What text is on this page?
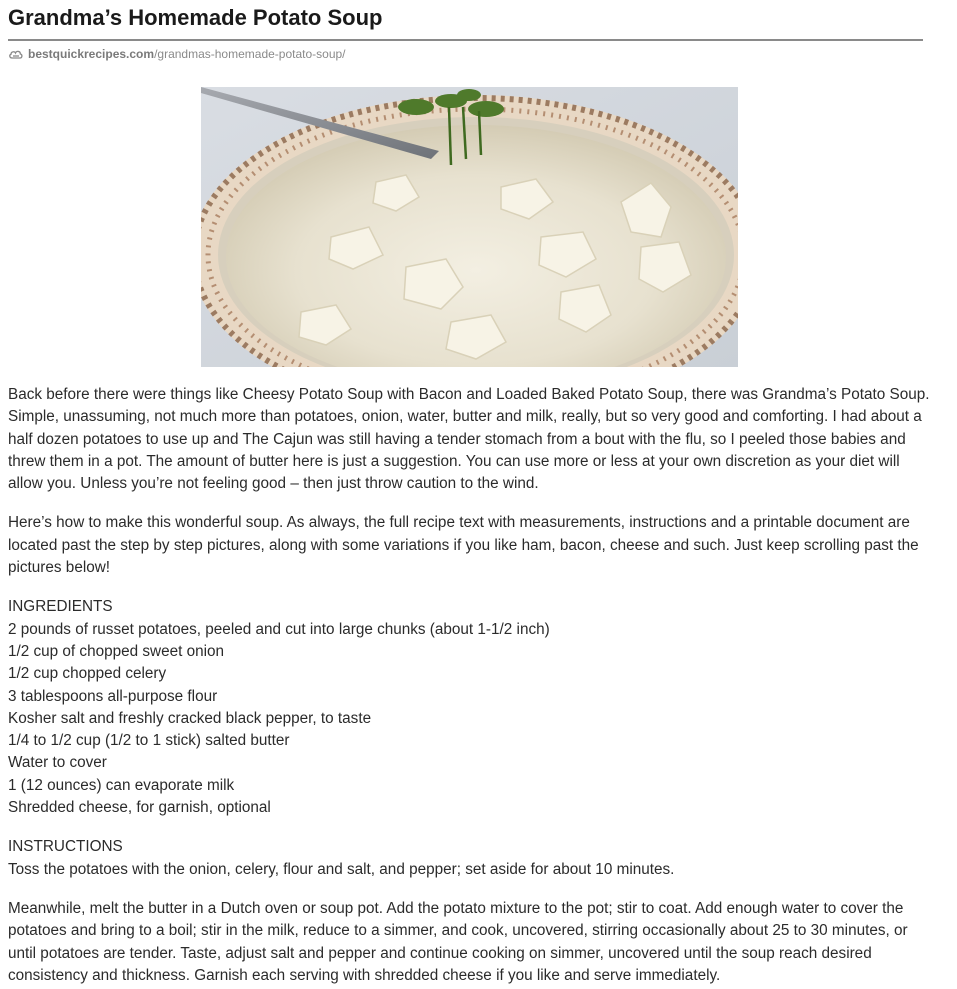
Grandma’s Homemade Potato Soup
bestquickrecipes.com/grandmas-homemade-potato-soup/

Back before there were things like Cheesy Potato Soup with Bacon and Loaded Baked Potato Soup, there was Grandma’s Potato Soup. Simple, unassuming, not much more than potatoes, onion, water, butter and milk, really, but so very good and comforting. I had about a half dozen potatoes to use up and The Cajun was still having a tender stomach from a bout with the flu, so I peeled those babies and threw them in a pot. The amount of butter here is just a suggestion. You can use more or less at your own discretion as your diet will allow you. Unless you’re not feeling good – then just throw caution to the wind.

Here’s how to make this wonderful soup. As always, the full recipe text with measurements, instructions and a printable document are located past the step by step pictures, along with some variations if you like ham, bacon, cheese and such. Just keep scrolling past the pictures below!

INGREDIENTS

2 pounds of russet potatoes, peeled and cut into large chunks (about 1-1/2 inch)
1/2 cup of chopped sweet onion
1/2 cup chopped celery
3 tablespoons all-purpose flour
Kosher salt and freshly cracked black pepper, to taste
1/4 to 1/2 cup (1/2 to 1 stick) salted butter
Water to cover
1 (12 ounces) can evaporate milk
Shredded cheese, for garnish, optional

INSTRUCTIONS

Toss the potatoes with the onion, celery, flour and salt, and pepper; set aside for about 10 minutes.

Meanwhile, melt the butter in a Dutch oven or soup pot. Add the potato mixture to the pot; stir to coat. Add enough water to cover the potatoes and bring to a boil; stir in the milk, reduce to a simmer, and cook, uncovered, stirring occasionally about 25 to 30 minutes, or until potatoes are tender. Taste, adjust salt and pepper and continue cooking on simmer, uncovered until the soup reach desired consistency and thickness. Garnish each serving with shredded cheese if you like and serve immediately.
